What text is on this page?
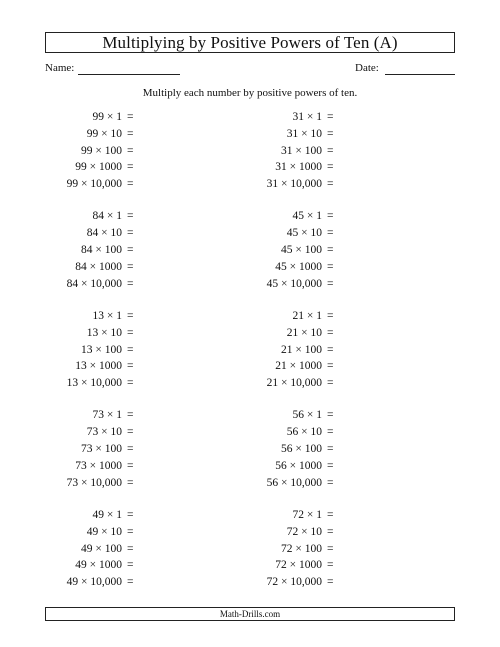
Multiplying by Positive Powers of Ten (A)
Name:	Date:
Multiply each number by positive powers of ten.
99 × 1 =
99 × 10 =
99 × 100 =
99 × 1000 =
99 × 10,000 =
84 × 1 =
84 × 10 =
84 × 100 =
84 × 1000 =
84 × 10,000 =
13 × 1 =
13 × 10 =
13 × 100 =
13 × 1000 =
13 × 10,000 =
73 × 1 =
73 × 10 =
73 × 100 =
73 × 1000 =
73 × 10,000 =
49 × 1 =
49 × 10 =
49 × 100 =
49 × 1000 =
49 × 10,000 =
31 × 1 =
31 × 10 =
31 × 100 =
31 × 1000 =
31 × 10,000 =
45 × 1 =
45 × 10 =
45 × 100 =
45 × 1000 =
45 × 10,000 =
21 × 1 =
21 × 10 =
21 × 100 =
21 × 1000 =
21 × 10,000 =
56 × 1 =
56 × 10 =
56 × 100 =
56 × 1000 =
56 × 10,000 =
72 × 1 =
72 × 10 =
72 × 100 =
72 × 1000 =
72 × 10,000 =
Math-Drills.com
